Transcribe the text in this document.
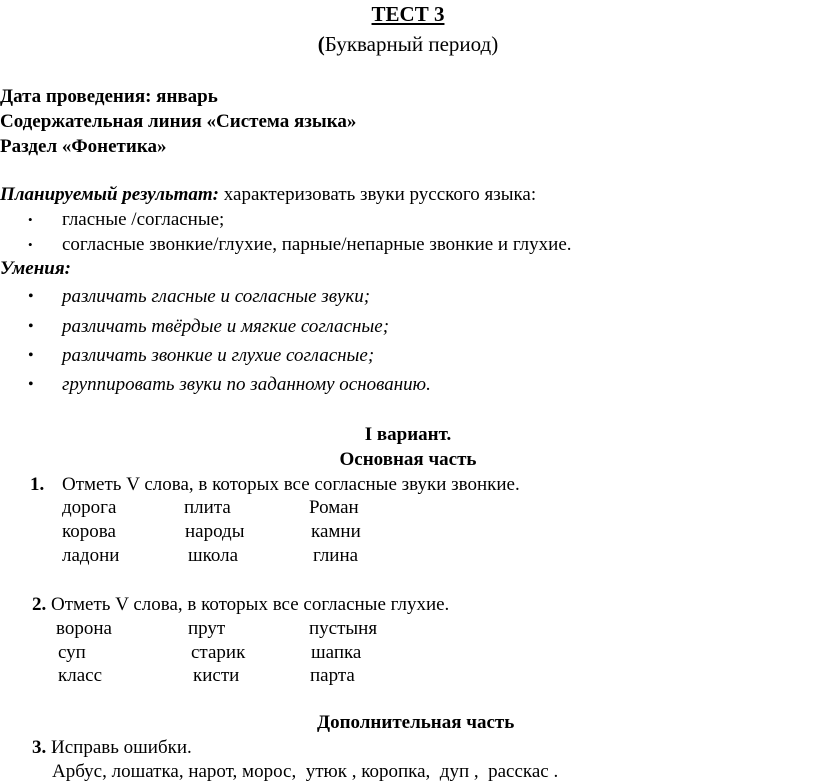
ТЕСТ 3
(Букварный период)
Дата проведения: январь
Содержательная линия «Система языка»
Раздел «Фонетика»
Планируемый результат: характеризовать звуки русского языка:
• гласные /согласные;
• согласные звонкие/глухие, парные/непарные звонкие и глухие.
Умения:
• различать гласные и согласные звуки;
• различать твёрдые и мягкие согласные;
• различать звонкие и глухие согласные;
• группировать звуки по заданному основанию.
I вариант.
Основная часть
1. Отметь V слова, в которых все согласные звуки звонкие.
дорога	плита	Роман
корова	народы	камни
ладони	школа	глина
2. Отметь V слова, в которых все согласные глухие.
ворона	прут	пустыня
суп	старик	шапка
класс	кисти	парта
Дополнительная часть
3. Исправь ошибки.
Арбус, лошатка, нарот, морос,  утюк , коропка,  дуп ,  расскас .
